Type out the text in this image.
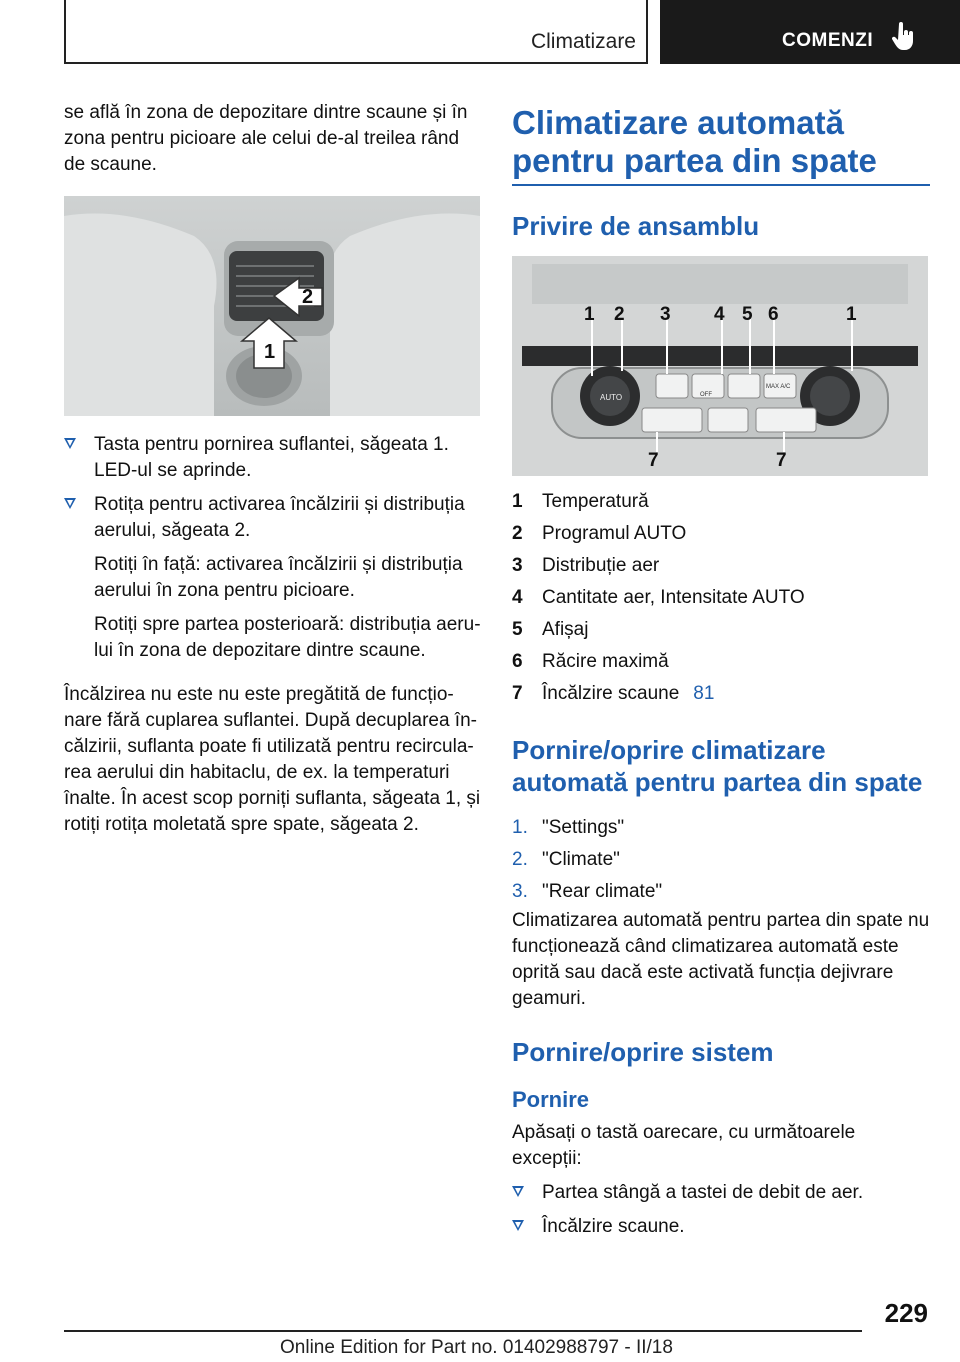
Climatizare	COMENZI

se află în zona de depozitare dintre scaune și în zona pentru picioare ale celui de-al treilea rând de scaune.

2
1
Tasta pentru pornirea suflantei, săgeata 1. LED-ul se aprinde.
Rotița pentru activarea încălzirii și distribuția aerului, săgeata 2.

Rotiți în față: activarea încălzirii și distribuția aerului în zona pentru picioare.

Rotiți spre partea posterioară: distribuția aeru-lui în zona de depozitare dintre scaune.

Încălzirea nu este nu este pregătită de funcțio-nare fără cuplarea suflantei. După decuplarea în-călzirii, suflanta poate fi utilizată pentru recircula-rea aerului din habitaclu, de ex. la temperaturi înalte. În acest scop porniți suflanta, săgeata 1, și rotiți rotița moletată spre spate, săgeata 2.

Climatizare automată pentru partea din spate
Privire de ansamblu
AUTO	OFF
MAX A/C
1 2 3 4 5 6	1
7	7
1 Temperatură
2 Programul AUTO
3 Distribuție aer
4 Cantitate aer, Intensitate AUTO
5 Afișaj
6 Răcire maximă
7 Încălzire scaune 81
Pornire/oprire climatizare automată pentru partea din spate
1. "Settings"
2. "Climate"
3. "Rear climate"

Climatizarea automată pentru partea din spate nu funcționează când climatizarea automată este oprită sau dacă este activată funcția dejivrare geamuri.

Pornire/oprire sistem
Pornire

Apăsați o tastă oarecare, cu următoarele excepții:

Partea stângă a tastei de debit de aer.
Încălzire scaune.
229
Online Edition for Part no. 01402988797 - II/18
